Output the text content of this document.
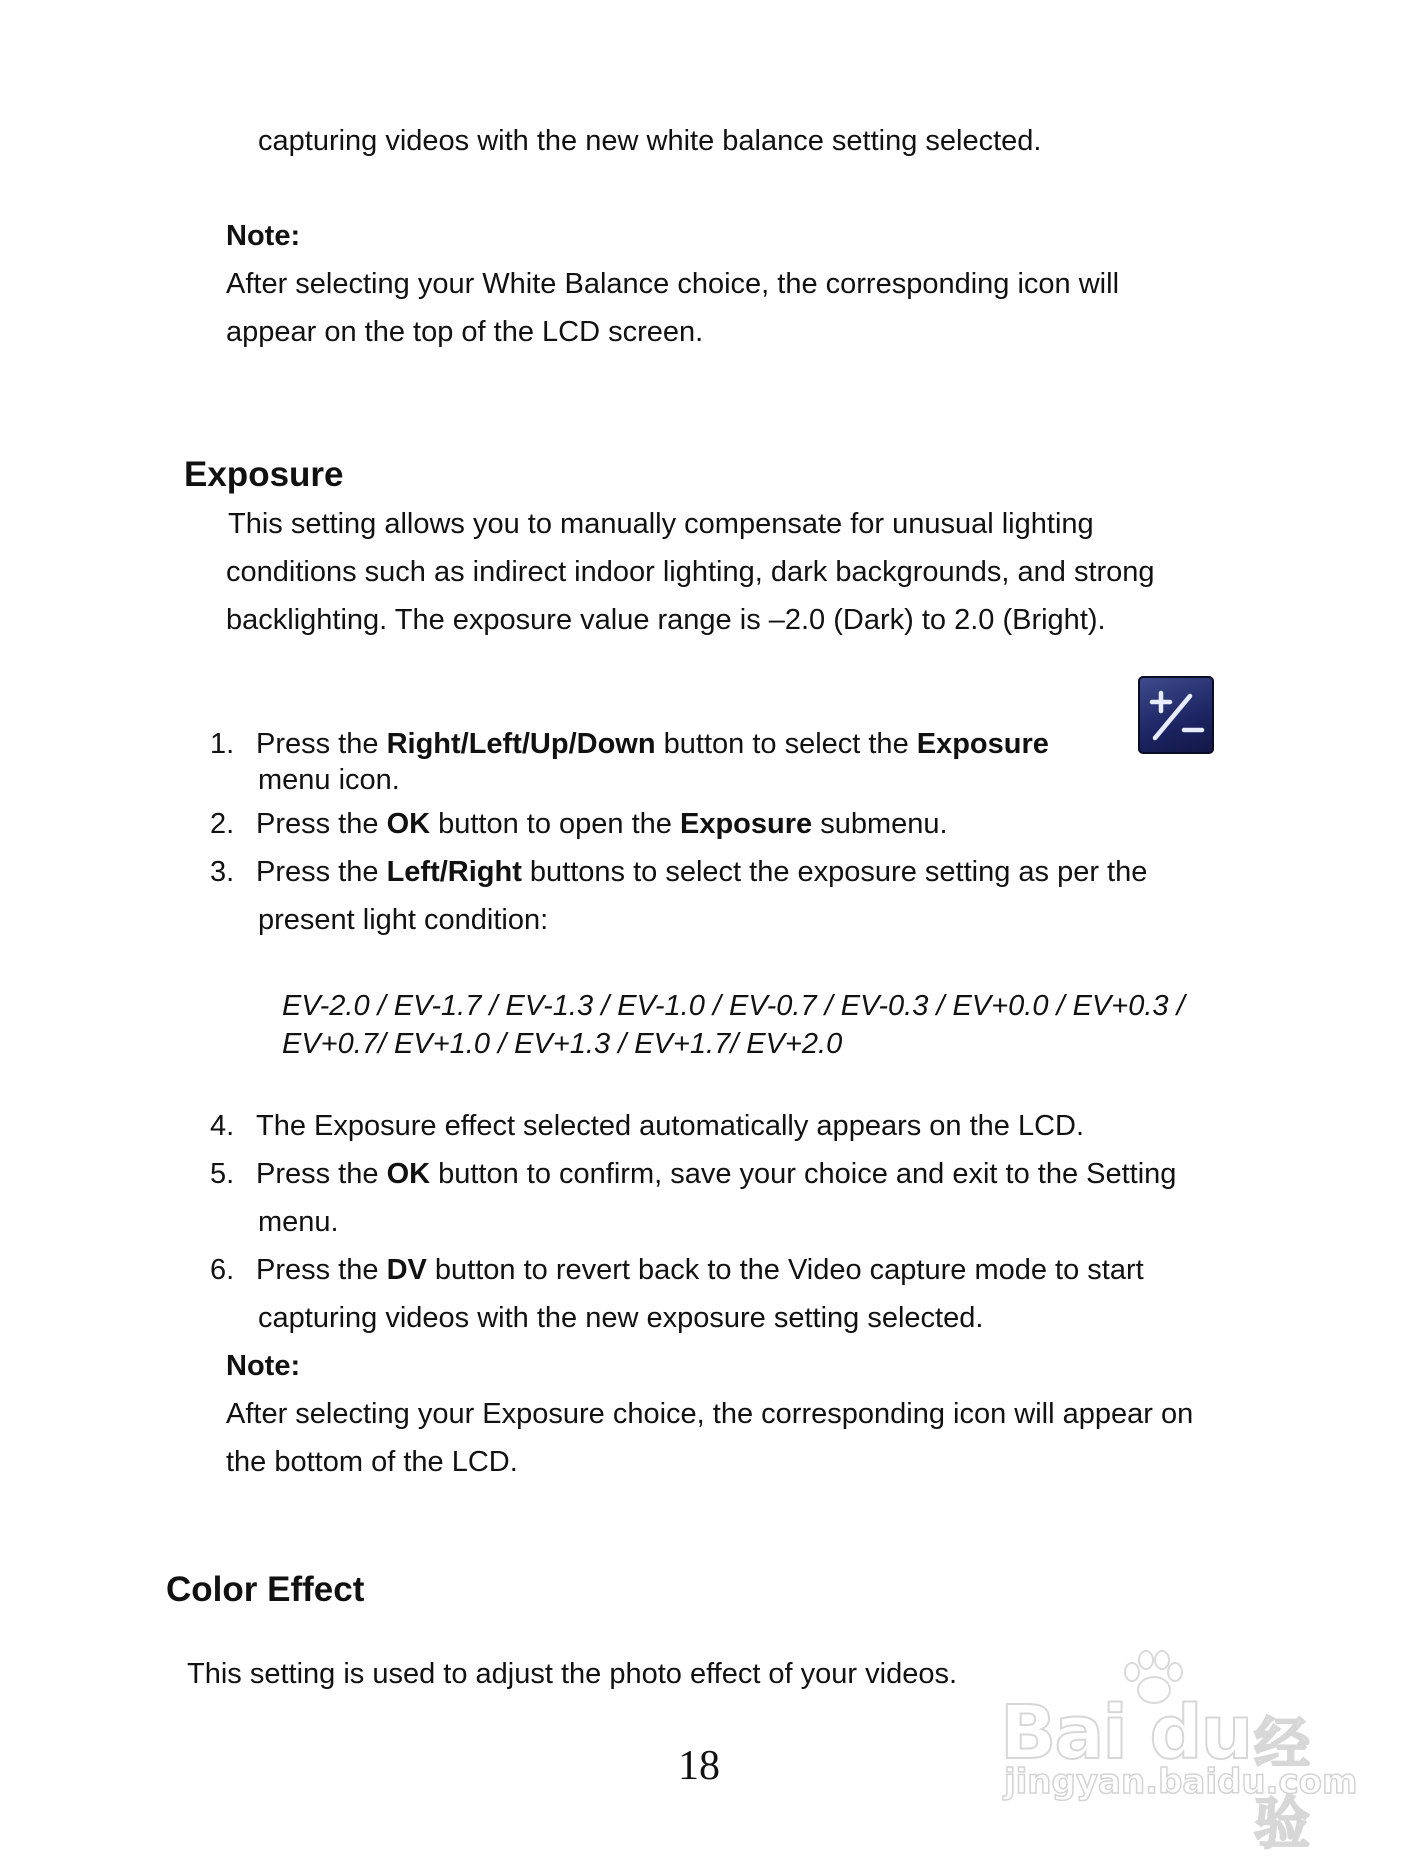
capturing videos with the new white balance setting selected.

Note:

After selecting your White Balance choice, the corresponding icon will

appear on the top of the LCD screen.

Exposure

This setting allows you to manually compensate for unusual lighting

conditions such as indirect indoor lighting, dark backgrounds, and strong

backlighting. The exposure value range is –2.0 (Dark) to 2.0 (Bright).

1. Press the Right/Left/Up/Down button to select the Exposure

menu icon.

2. Press the OK button to open the Exposure submenu.

3. Press the Left/Right buttons to select the exposure setting as per the

present light condition:

EV-2.0 / EV-1.7 / EV-1.3 / EV-1.0 / EV-0.7 / EV-0.3 / EV+0.0 / EV+0.3 /

EV+0.7/ EV+1.0 / EV+1.3 / EV+1.7/ EV+2.0

4. The Exposure effect selected automatically appears on the LCD.

5. Press the OK button to confirm, save your choice and exit to the Setting

menu.

6. Press the DV button to revert back to the Video capture mode to start

capturing videos with the new exposure setting selected.

Note:

After selecting your Exposure choice, the corresponding icon will appear on

the bottom of the LCD.

Color Effect

This setting is used to adjust the photo effect of your videos.

18	Bai du 经验
jingyan.baidu.com
